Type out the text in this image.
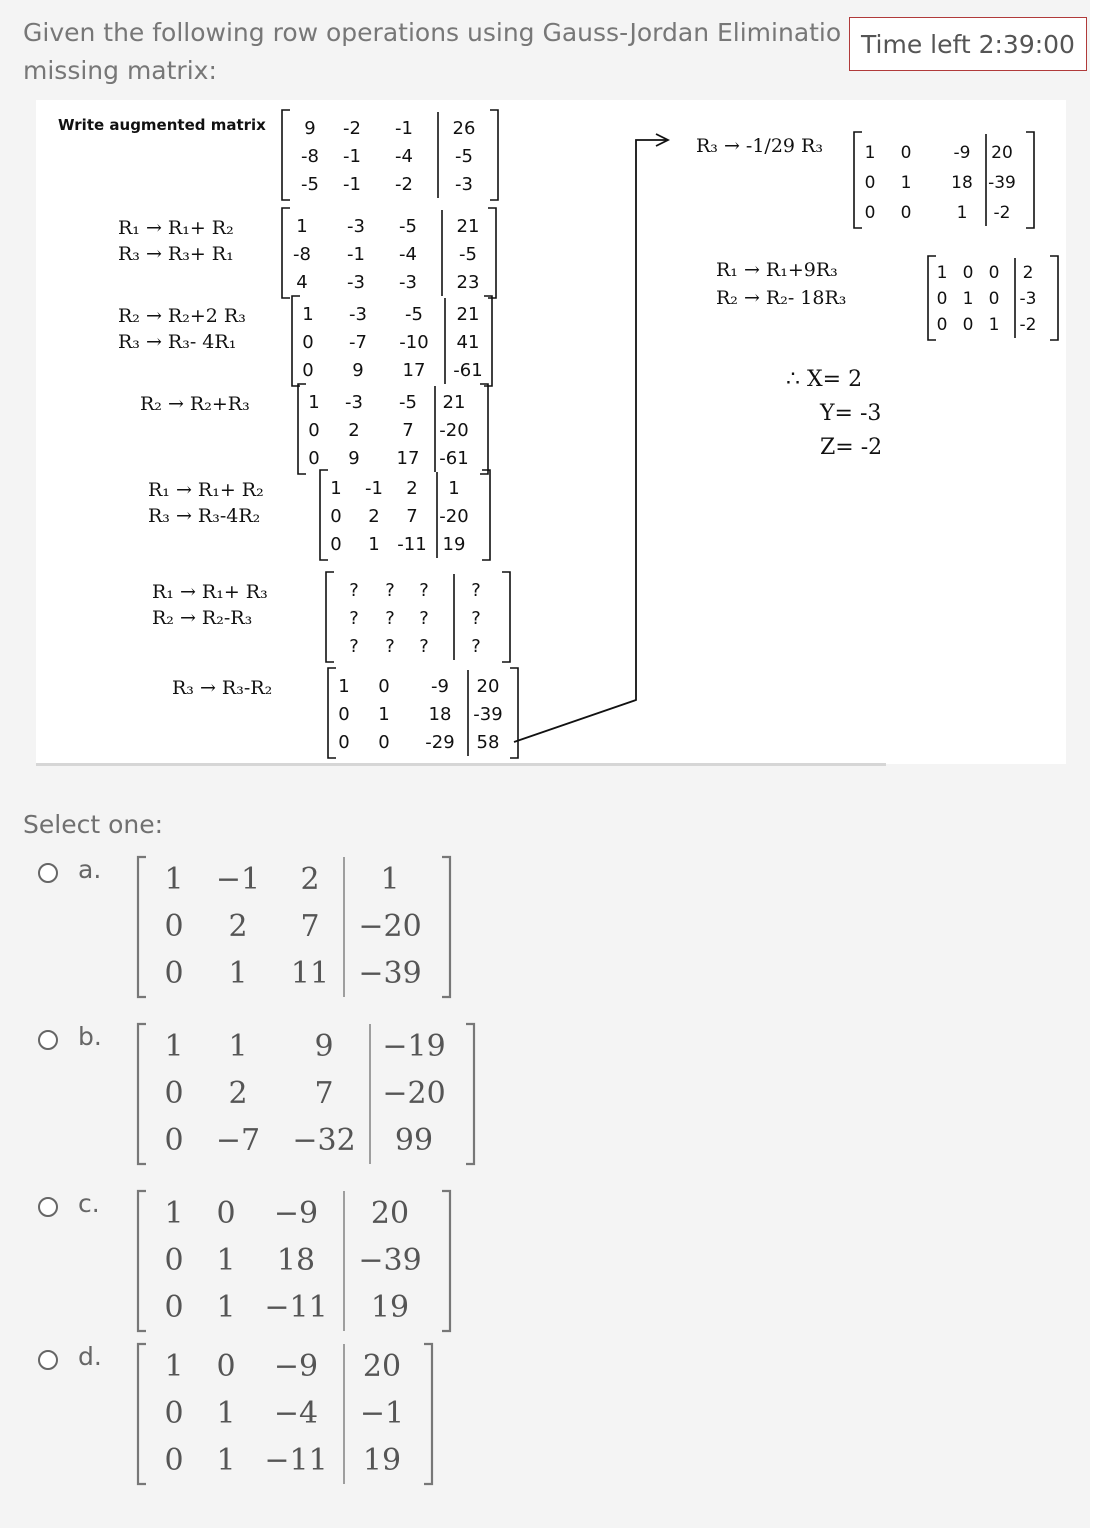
Given the following row operations using Gauss-Jordan Eliminatio
missing matrix:
Time left 2:39:00
Write augmented matrix 9 -2 -1 26
-8 -1 -4 -5
-5 -1 -2 -3
R₁ → R₁+ R₂
R₃ → R₃+ R₁
1 -3 -5 21
-8 -1 -4 -5
4 -3 -3 23
R₂ → R₂+2 R₃
R₃ → R₃- 4R₁
1 -3 -5 21
0 -7 -10 41
0 9 17 -61
R₂ → R₂+R₃	1 -3 -5 21
0 2 7 -20
0 9 17 -61
R₁ → R₁+ R₂
R₃ → R₃-4R₂
1 -1 2 1
0 2 7 -20
0 1 -11 19
R₁ → R₁+ R₃
R₂ → R₂-R₃
? ? ? ?
? ? ? ?
? ? ? ?
R₃ → R₃-R₂	1 0 -9 20
0 1 18 -39
0 0 -29 58
R₃ → -1/29 R₃ 1 0 -9 20
0 1 18 -39
0 0	1 -2
R₁ → R₁+9R₃
R₂ → R₂- 18R₃
1 0 0 2
0 1 0 -3
0 0 1 -2
∴ X= 2
Y= -3
Z= -2
Select one:
a. 1 −1 2 1
0 2 7 −20
0 1 11 −39
b. 1 1 9 −19
0 2 7 −20
0 −7 −32 99
c. 1 0 −9 20
0 1 18 −39
0 1 −11 19
d. 1 0 −9 20
0 1 −4 −1
0 1 −11 19
